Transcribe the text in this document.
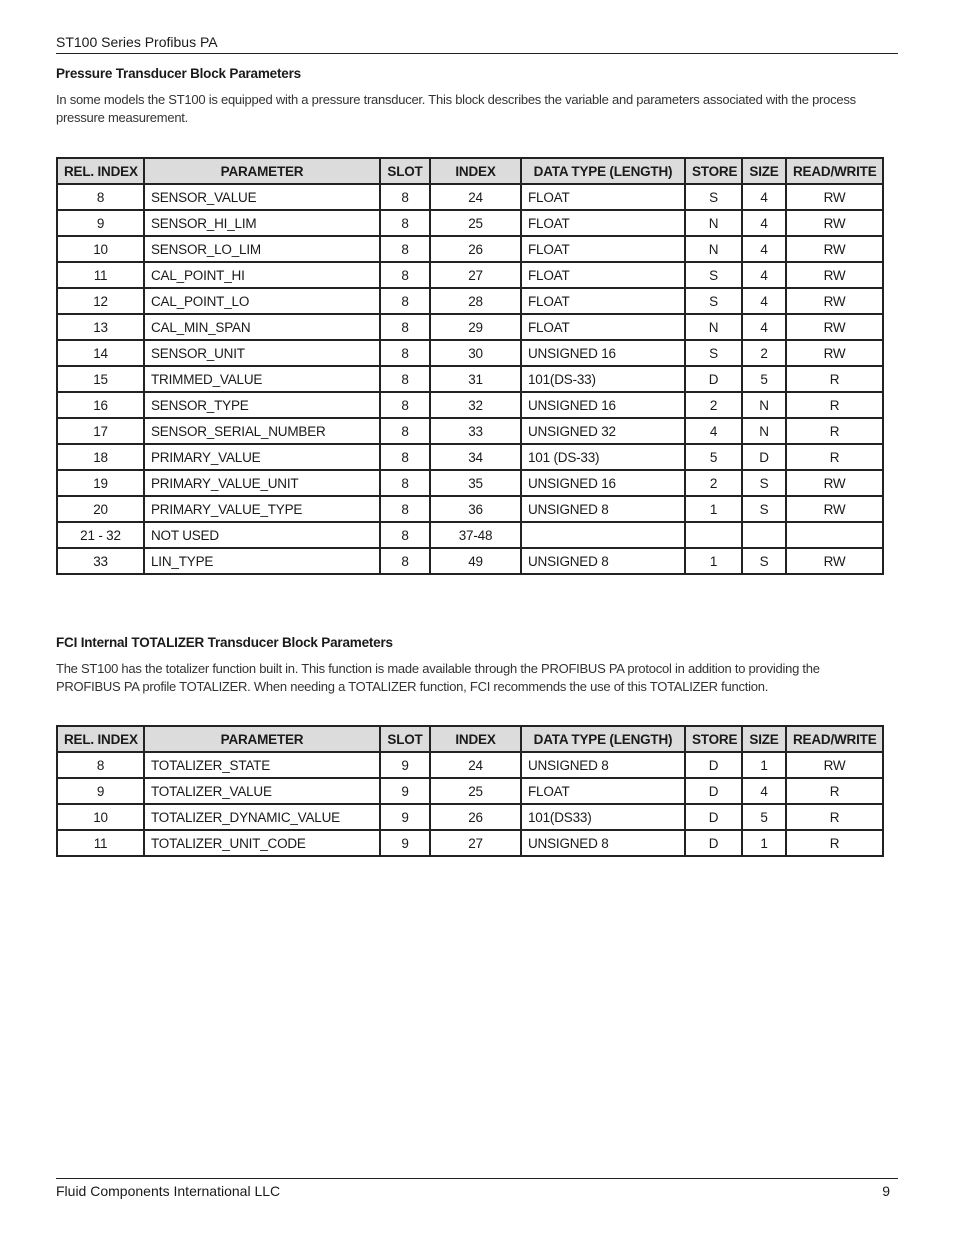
ST100 Series Profibus PA
Pressure Transducer Block Parameters
In some models the ST100 is equipped with a pressure transducer. This block describes the variable and parameters associated with the process pressure measurement.
REL. INDEX	PARAMETER	SLOT	INDEX	DATA TYPE (LENGTH)	STORE	SIZE	READ/WRITE
8	SENSOR_VALUE	8	24	FLOAT	S	4	RW
9	SENSOR_HI_LIM	8	25	FLOAT	N	4	RW
10	SENSOR_LO_LIM	8	26	FLOAT	N	4	RW
11	CAL_POINT_HI	8	27	FLOAT	S	4	RW
12	CAL_POINT_LO	8	28	FLOAT	S	4	RW
13	CAL_MIN_SPAN	8	29	FLOAT	N	4	RW
14	SENSOR_UNIT	8	30	UNSIGNED 16	S	2	RW
15	TRIMMED_VALUE	8	31	101(DS-33)	D	5	R
16	SENSOR_TYPE	8	32	UNSIGNED 16	2	N	R
17	SENSOR_SERIAL_NUMBER	8	33	UNSIGNED 32	4	N	R
18	PRIMARY_VALUE	8	34	101 (DS-33)	5	D	R
19	PRIMARY_VALUE_UNIT	8	35	UNSIGNED 16	2	S	RW
20	PRIMARY_VALUE_TYPE	8	36	UNSIGNED 8	1	S	RW
21 - 32	NOT USED	8	37-48				
33	LIN_TYPE	8	49	UNSIGNED 8	1	S	RW
FCI Internal TOTALIZER Transducer Block Parameters
The ST100 has the totalizer function built in. This function is made available through the PROFIBUS PA protocol in addition to providing the PROFIBUS PA profile TOTALIZER. When needing a TOTALIZER function, FCI recommends the use of this TOTALIZER function.
REL. INDEX	PARAMETER	SLOT	INDEX	DATA TYPE (LENGTH)	STORE	SIZE	READ/WRITE
8	TOTALIZER_STATE	9	24	UNSIGNED 8	D	1	RW
9	TOTALIZER_VALUE	9	25	FLOAT	D	4	R
10	TOTALIZER_DYNAMIC_VALUE	9	26	101(DS33)	D	5	R
11	TOTALIZER_UNIT_CODE	9	27	UNSIGNED 8	D	1	R
Fluid Components International LLC	9
